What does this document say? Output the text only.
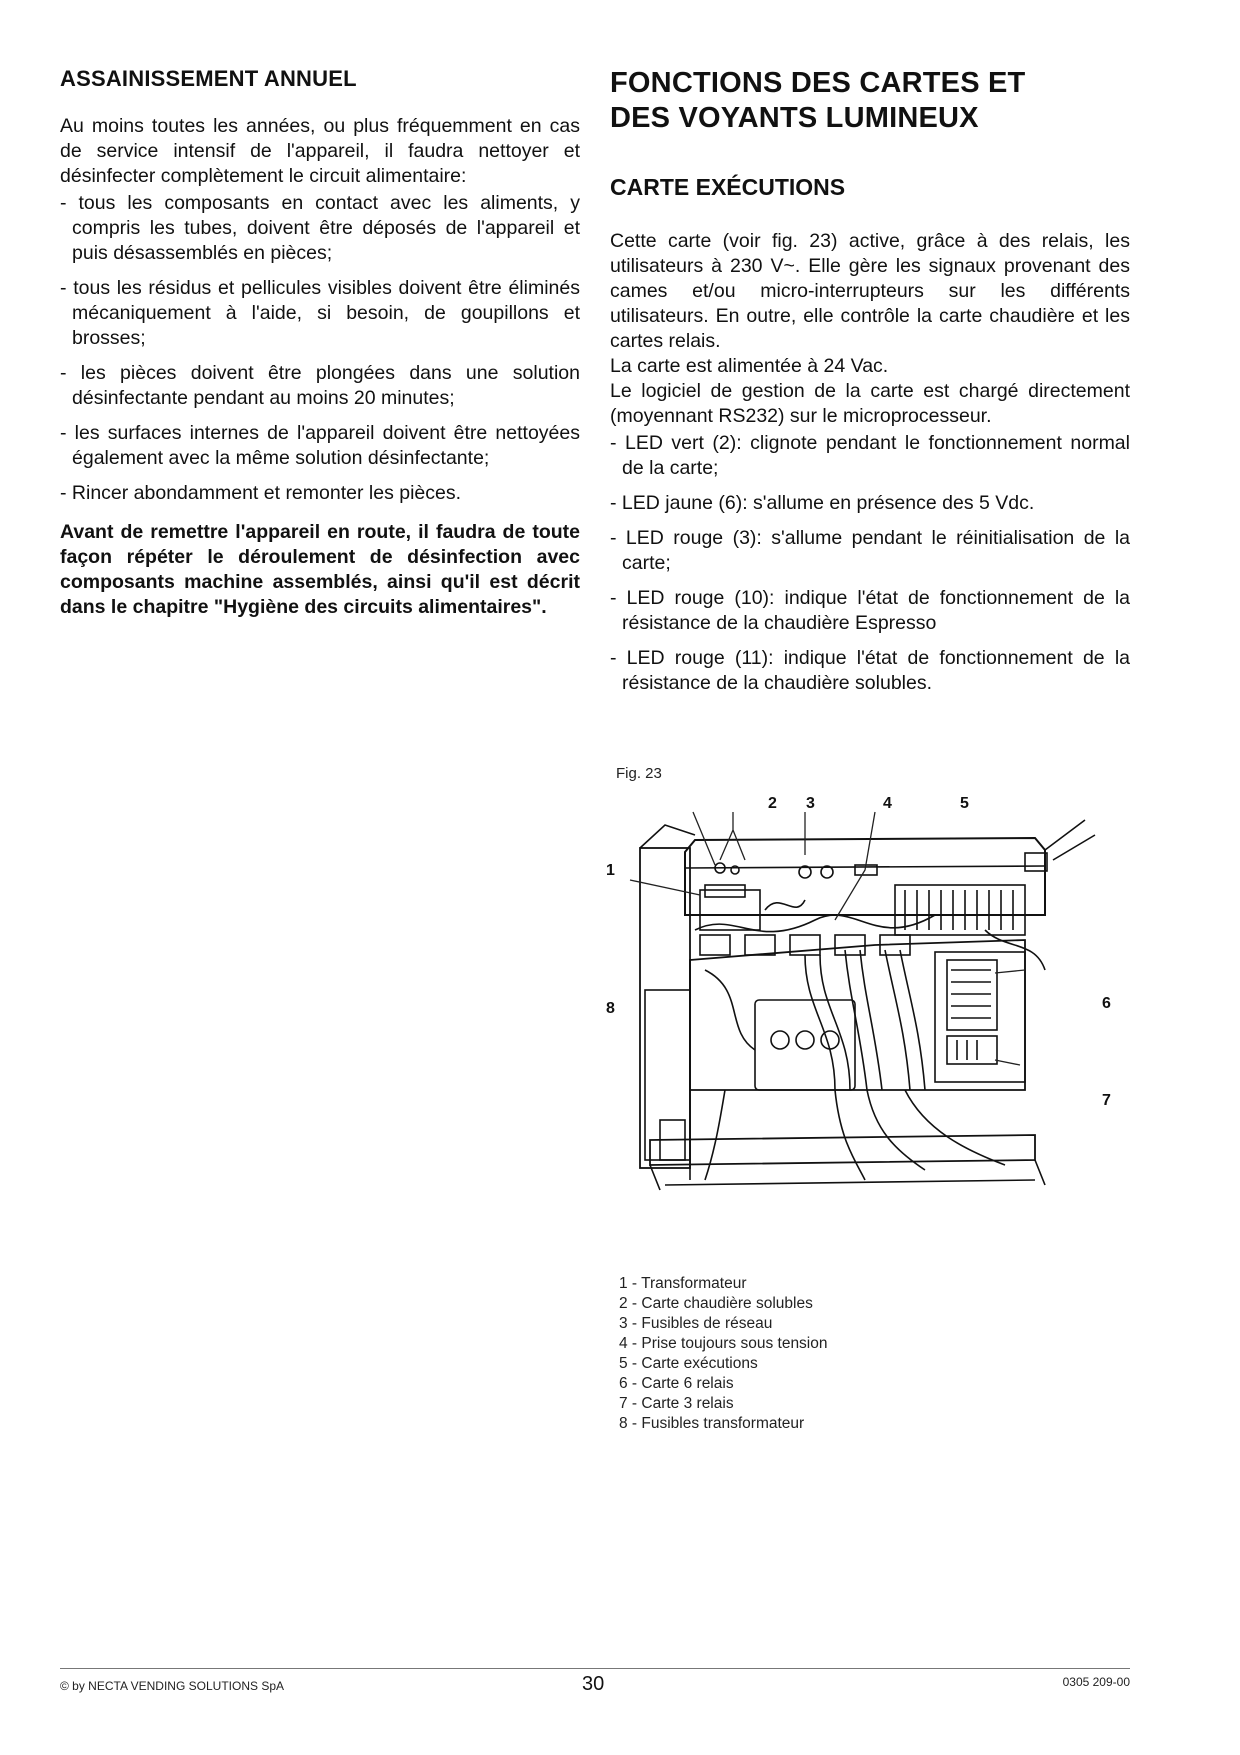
ASSAINISSEMENT ANNUEL

Au moins toutes les années, ou plus fréquemment en cas de service intensif de l'appareil, il faudra nettoyer et désinfecter complètement le circuit alimentaire:

- tous les composants en contact avec les aliments, y compris les tubes, doivent être déposés de l'appareil et puis désassemblés en pièces;
- tous les résidus et pellicules visibles doivent être éliminés mécaniquement à l'aide, si besoin, de goupillons et brosses;
- les pièces doivent être plongées dans une solution désinfectante pendant au moins 20 minutes;
- les surfaces internes de l'appareil doivent être nettoyées également avec la même solution désinfectante;
- Rincer abondamment et remonter les pièces.

Avant de remettre l'appareil en route, il faudra de toute façon répéter le déroulement de désinfection avec composants machine assemblés, ainsi qu'il est décrit dans le chapitre "Hygiène des circuits alimentaires".

FONCTIONS DES CARTES ET
DES VOYANTS LUMINEUX
CARTE EXÉCUTIONS

Cette carte (voir fig. 23) active, grâce à des relais, les utilisateurs à 230 V~. Elle gère les signaux provenant des cames et/ou micro-interrupteurs sur les différents utilisateurs. En outre, elle contrôle la carte chaudière et les cartes relais.

La carte est alimentée à 24 Vac.

Le logiciel de gestion de la carte est chargé directement (moyennant RS232) sur le microprocesseur.

- LED vert (2): clignote pendant le fonctionnement normal de la carte;
- LED jaune (6): s'allume en présence des 5 Vdc.
- LED rouge (3): s'allume pendant le réinitialisation de la carte;
- LED rouge (10): indique l'état de fonctionnement de la résistance de la chaudière Espresso
- LED rouge (11): indique l'état de fonctionnement de la résistance de la chaudière solubles.
Fig. 23
1
2 3	4	5
6
7
8
1 - Transformateur
2 - Carte chaudière solubles
3 - Fusibles de réseau
4 - Prise toujours sous tension
5 - Carte exécutions
6 - Carte 6 relais
7 - Carte 3 relais
8 - Fusibles transformateur
© by NECTA VENDING SOLUTIONS SpA	30	0305 209-00
